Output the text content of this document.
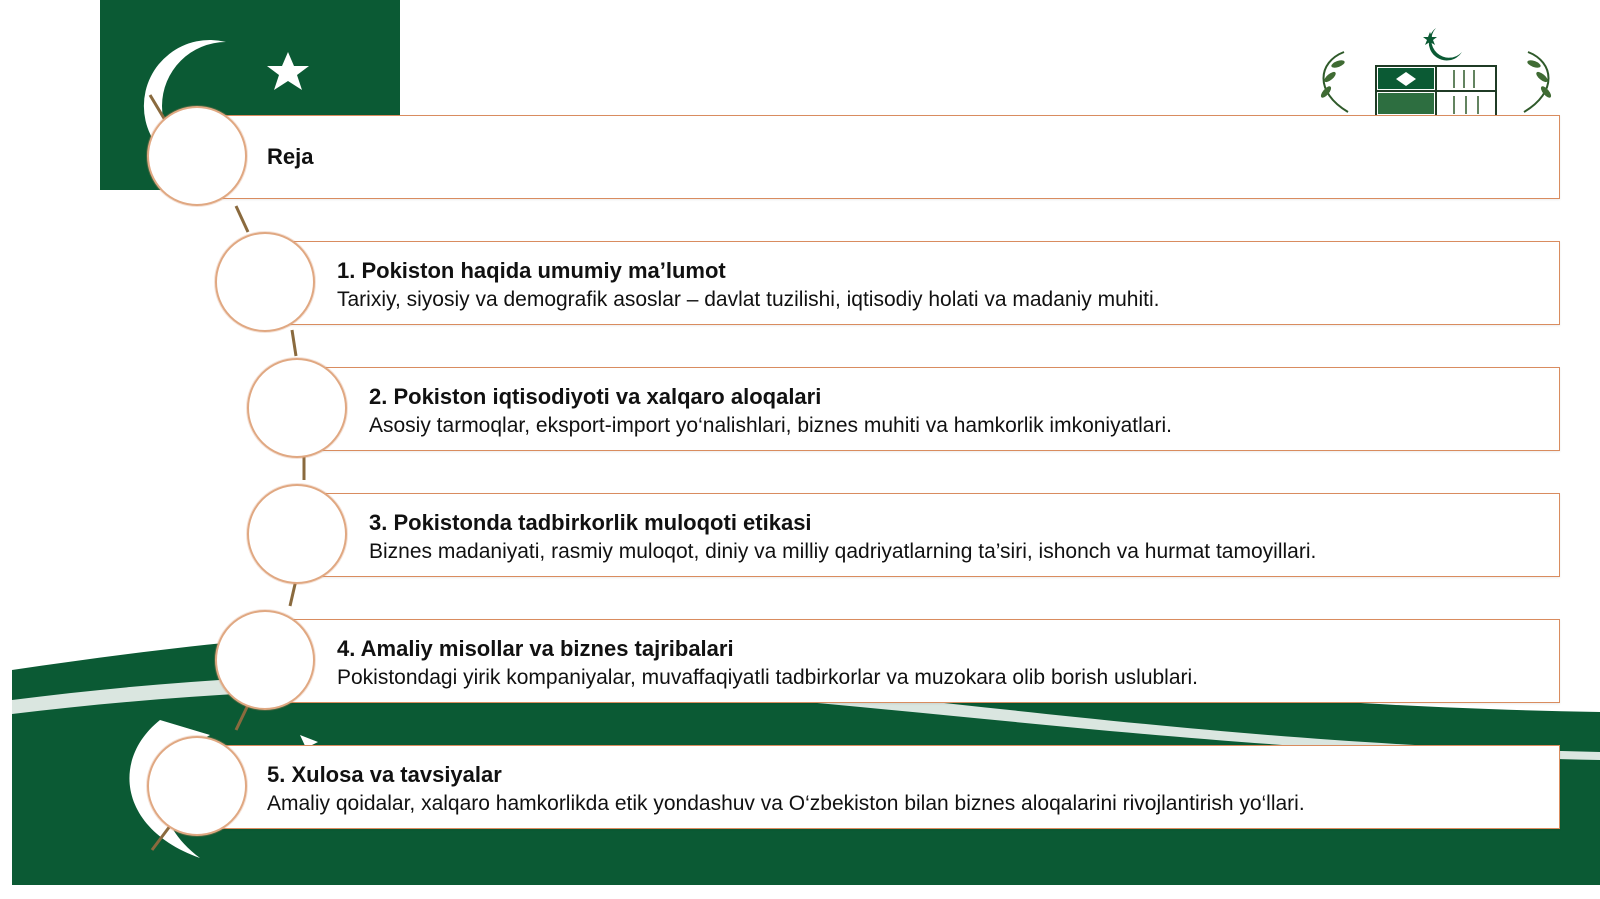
Reja
1. Pokiston haqida umumiy ma’lumot
Tarixiy, siyosiy va demografik asoslar – davlat tuzilishi, iqtisodiy holati va madaniy muhiti.
2. Pokiston iqtisodiyoti va xalqaro aloqalari
Asosiy tarmoqlar, eksport-import yo‘nalishlari, biznes muhiti va hamkorlik imkoniyatlari.
3. Pokistonda tadbirkorlik muloqoti etikasi
Biznes madaniyati, rasmiy muloqot, diniy va milliy qadriyatlarning ta’siri, ishonch va hurmat tamoyillari.
4. Amaliy misollar va biznes tajribalari
Pokistondagi yirik kompaniyalar, muvaffaqiyatli tadbirkorlar va muzokara olib borish uslublari.
5. Xulosa va tavsiyalar
Amaliy qoidalar, xalqaro hamkorlikda etik yondashuv va O‘zbekiston bilan biznes aloqalarini rivojlantirish yo‘llari.
